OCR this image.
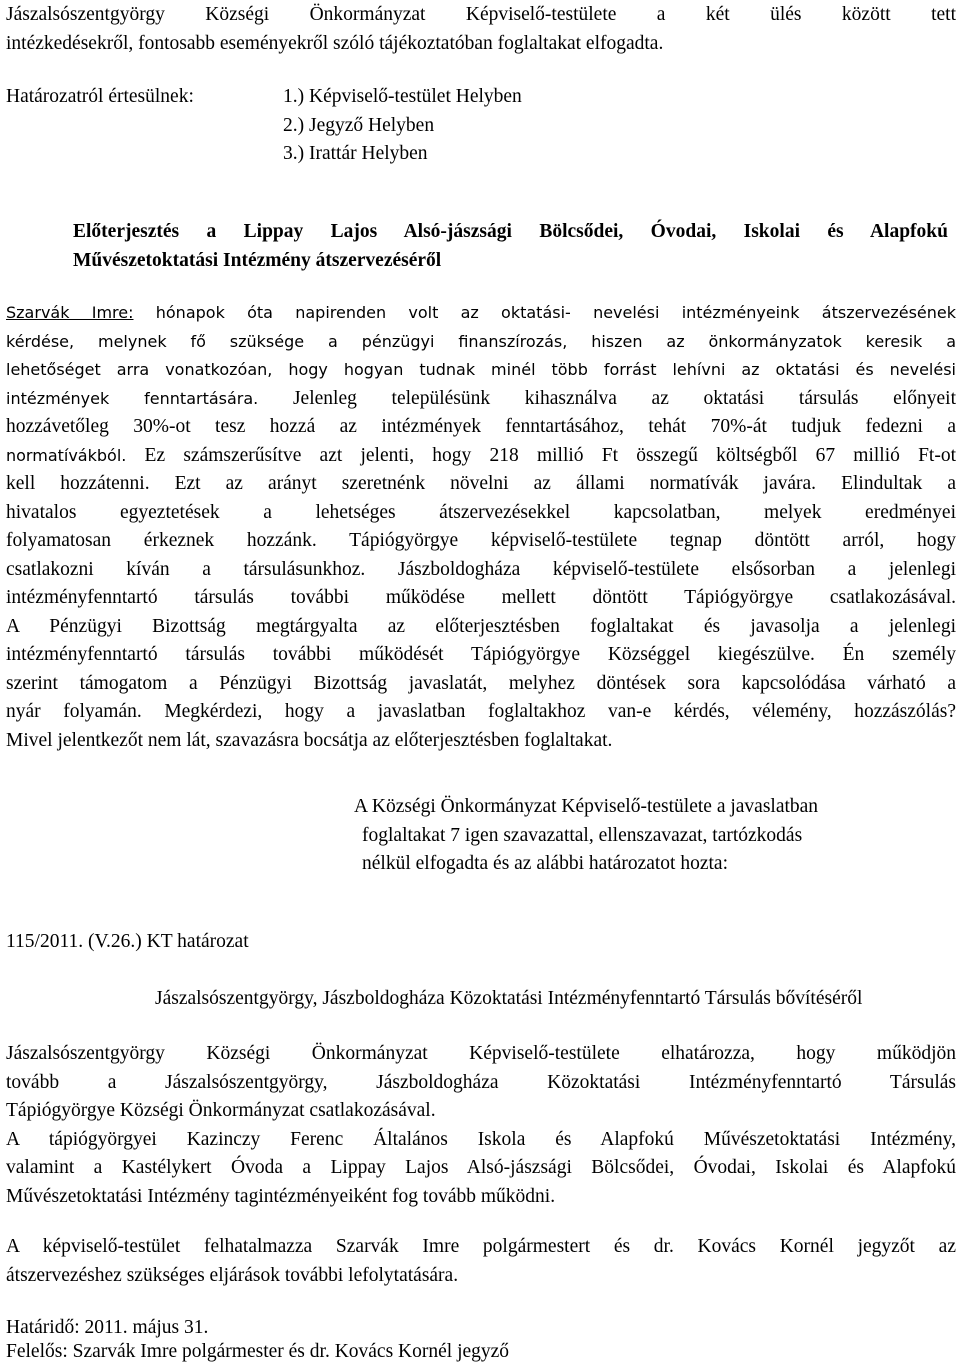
Jászalsószentgyörgy Községi Önkormányzat Képviselő-testülete a két ülés között tett
intézkedésekről, fontosabb eseményekről szóló tájékoztatóban foglaltakat elfogadta.
Határozatról értesülnek:	1.) Képviselő-testület Helyben
2.) Jegyző Helyben
3.) Irattár Helyben
Előterjesztés a Lippay Lajos Alsó-jászsági Bölcsődei, Óvodai, Iskolai és Alapfokú
Művészetoktatási Intézmény átszervezéséről
Szarvák Imre: hónapok óta napirenden volt az oktatási- nevelési intézményeink átszervezésének
kérdése, melynek fő szüksége a pénzügyi finanszírozás, hiszen az önkormányzatok keresik a
lehetőséget arra vonatkozóan, hogy hogyan tudnak minél több forrást lehívni az oktatási és nevelési
intézmények fenntartására. Jelenleg településünk kihasználva az oktatási társulás előnyeit
hozzávetőleg 30%-ot tesz hozzá az intézmények fenntartásához, tehát 70%-át tudjuk fedezni a
normatívákból. Ez számszerűsítve azt jelenti, hogy 218 millió Ft összegű költségből 67 millió Ft-ot
kell hozzátenni. Ezt az arányt szeretnénk növelni az állami normatívák javára. Elindultak a
hivatalos egyeztetések a lehetséges átszervezésekkel kapcsolatban, melyek eredményei
folyamatosan érkeznek hozzánk. Tápiógyörgye képviselő-testülete tegnap döntött arról, hogy
csatlakozni kíván a társulásunkhoz. Jászboldogháza képviselő-testülete elsősorban a jelenlegi
intézményfenntartó társulás további működése mellett döntött Tápiógyörgye csatlakozásával.
A Pénzügyi Bizottság megtárgyalta az előterjesztésben foglaltakat és javasolja a jelenlegi
intézményfenntartó társulás további működését Tápiógyörgye Községgel kiegészülve. Én személy
szerint támogatom a Pénzügyi Bizottság javaslatát, melyhez döntések sora kapcsolódása várható a
nyár folyamán. Megkérdezi, hogy a javaslatban foglaltakhoz van-e kérdés, vélemény, hozzászólás?
Mivel jelentkezőt nem lát, szavazásra bocsátja az előterjesztésben foglaltakat.
A Községi Önkormányzat Képviselő-testülete a javaslatban
foglaltakat 7 igen szavazattal, ellenszavazat, tartózkodás
nélkül elfogadta és az alábbi határozatot hozta:
115/2011. (V.26.) KT határozat
Jászalsószentgyörgy, Jászboldogháza Közoktatási Intézményfenntartó Társulás bővítéséről
Jászalsószentgyörgy Községi Önkormányzat Képviselő-testülete elhatározza, hogy működjön
tovább a Jászalsószentgyörgy, Jászboldogháza Közoktatási Intézményfenntartó Társulás
Tápiógyörgye Községi Önkormányzat csatlakozásával.
A tápiógyörgyei Kazinczy Ferenc Általános Iskola és Alapfokú Művészetoktatási Intézmény,
valamint a Kastélykert Óvoda a Lippay Lajos Alsó-jászsági Bölcsődei, Óvodai, Iskolai és Alapfokú
Művészetoktatási Intézmény tagintézményeiként fog tovább működni.
A képviselő-testület felhatalmazza Szarvák Imre polgármestert és dr. Kovács Kornél jegyzőt az
átszervezéshez szükséges eljárások további lefolytatására.
Határidő: 2011. május 31.
Felelős: Szarvák Imre polgármester és dr. Kovács Kornél jegyző
